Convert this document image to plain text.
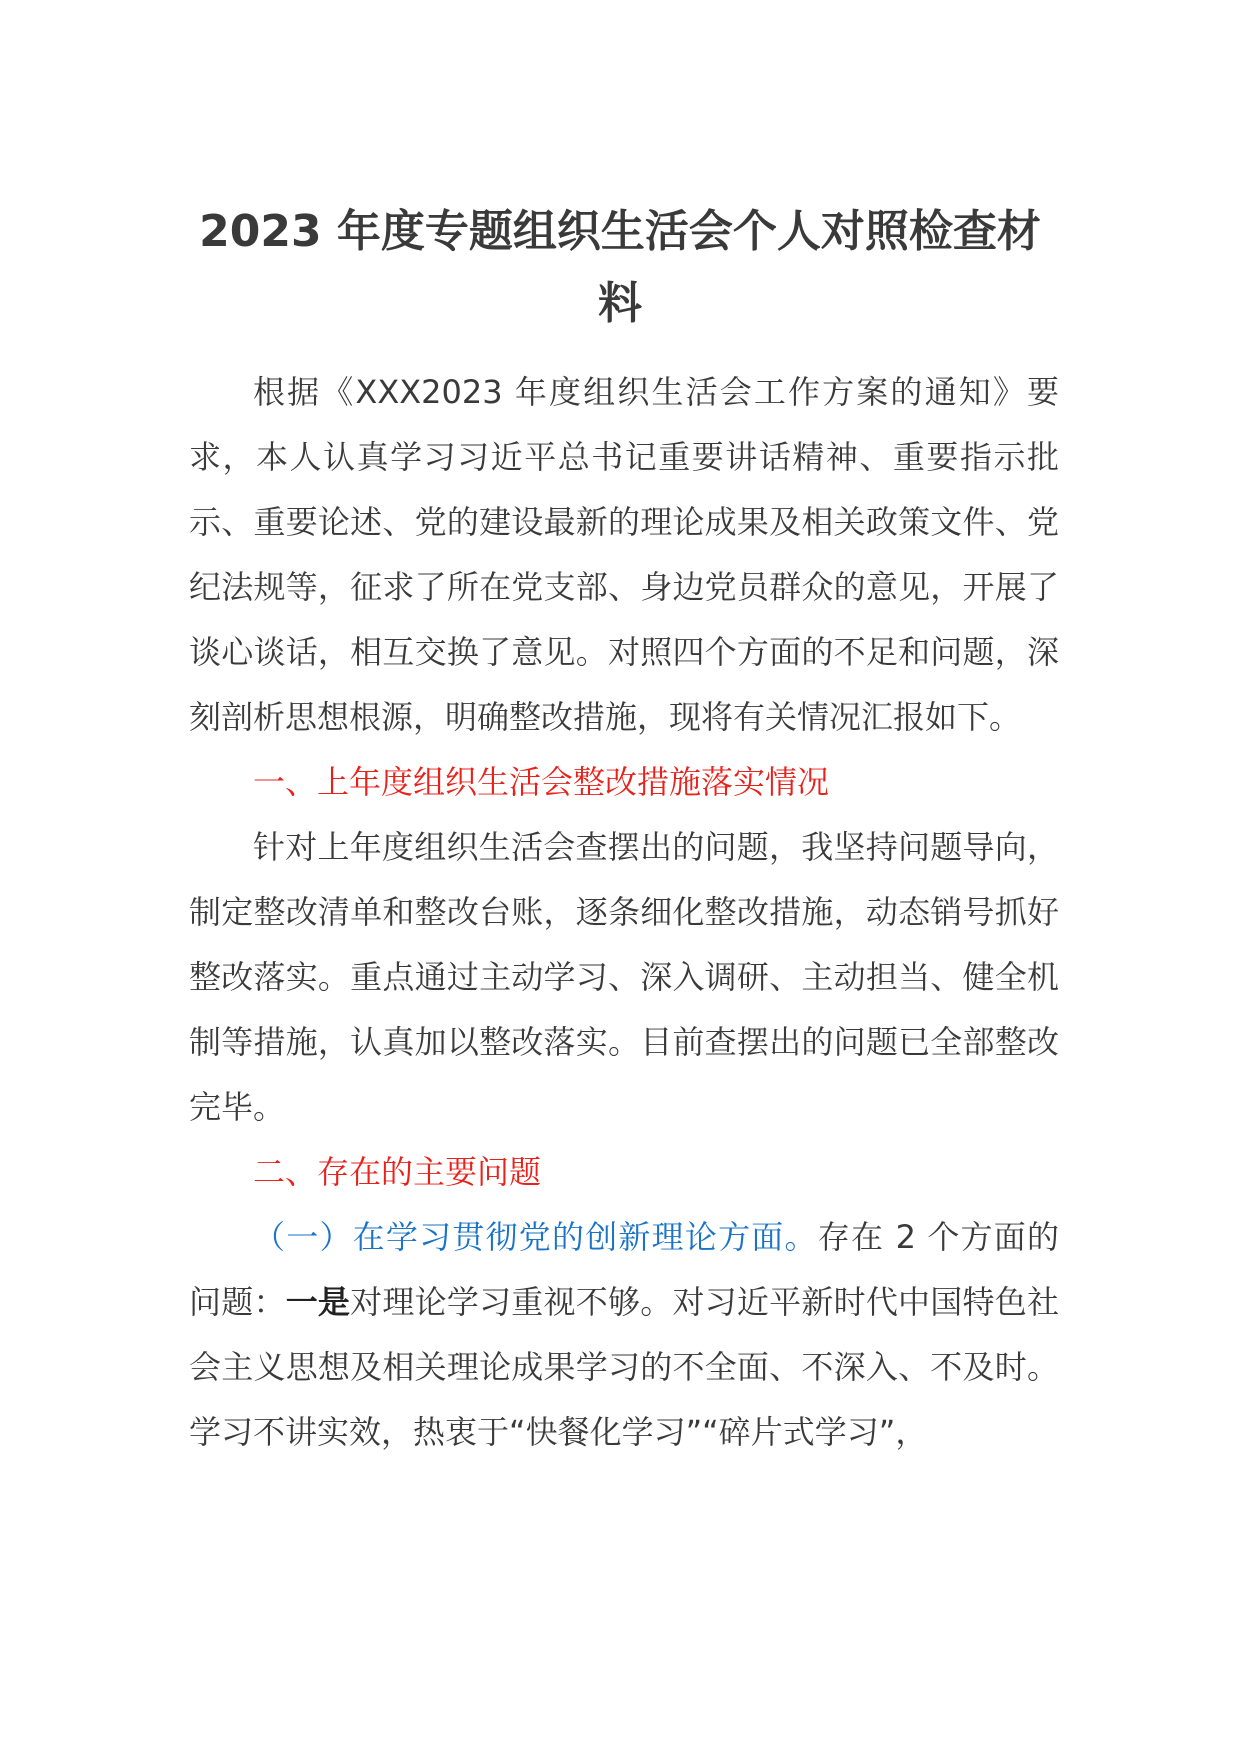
2023 年度专题组织生活会个人对照检查材料

根据《XXX2023 年度组织生活会工作方案的通知》要求，本人认真学习习近平总书记重要讲话精神、重要指示批示、重要论述、党的建设最新的理论成果及相关政策文件、党纪法规等，征求了所在党支部、身边党员群众的意见，开展了谈心谈话，相互交换了意见。对照四个方面的不足和问题，深刻剖析思想根源，明确整改措施，现将有关情况汇报如下。

一、上年度组织生活会整改措施落实情况

针对上年度组织生活会查摆出的问题，我坚持问题导向，制定整改清单和整改台账，逐条细化整改措施，动态销号抓好整改落实。重点通过主动学习、深入调研、主动担当、健全机制等措施，认真加以整改落实。目前查摆出的问题已全部整改完毕。

二、存在的主要问题

（一）在学习贯彻党的创新理论方面。存在 2 个方面的问题：一是对理论学习重视不够。对习近平新时代中国特色社会主义思想及相关理论成果学习的不全面、不深入、不及时。学习不讲实效，热衷于“快餐化学习”“碎片式学习”，
